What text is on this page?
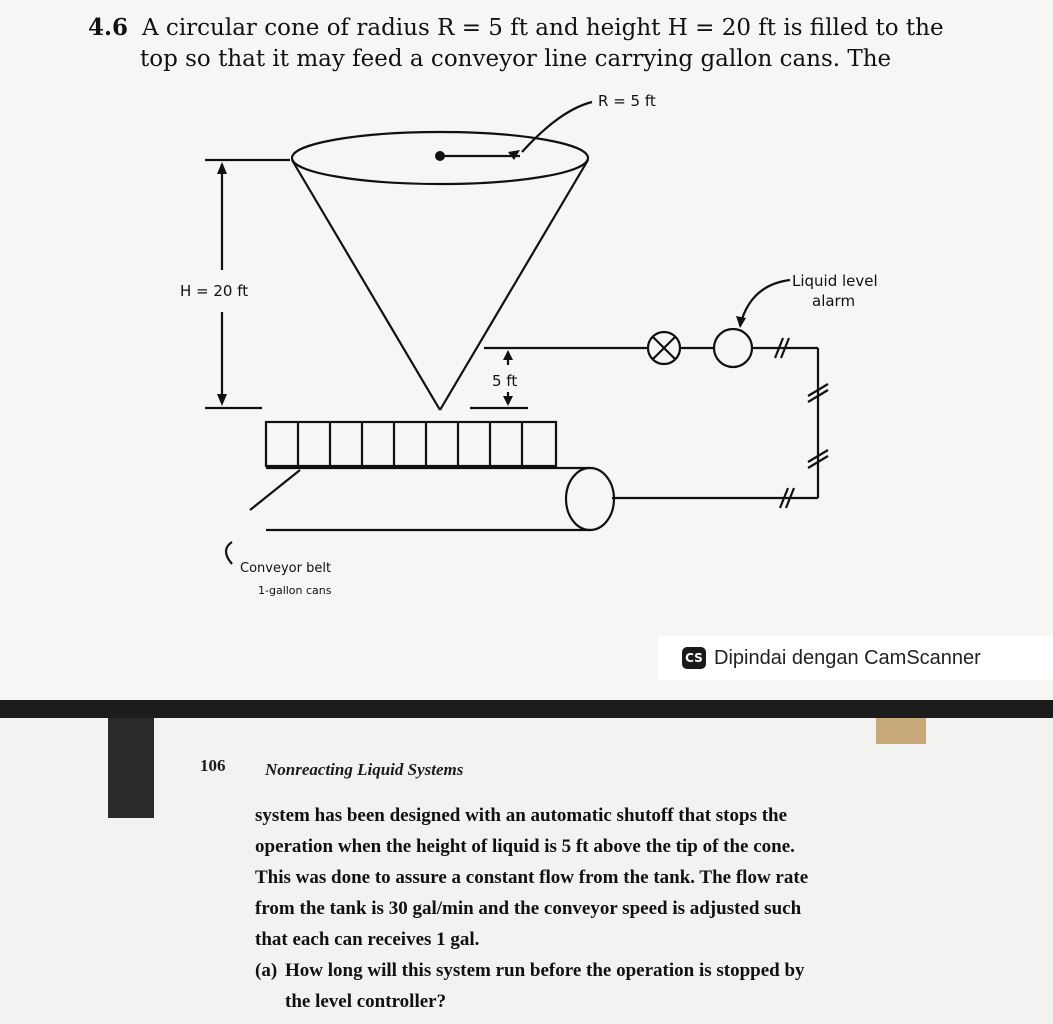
4.6 A circular cone of radius R = 5 ft and height H = 20 ft is filled to the
top so that it may feed a conveyor line carrying gallon cans. The
R = 5 ft
H = 20 ft
5 ft
Liquid level
alarm
Conveyor belt
1-gallon cans
CS Dipindai dengan CamScanner
106 Nonreacting Liquid Systems

system has been designed with an automatic shutoff that stops the

operation when the height of liquid is 5 ft above the tip of the cone.

This was done to assure a constant flow from the tank. The flow rate

from the tank is 30 gal/min and the conveyor speed is adjusted such

that each can receives 1 gal.

(a) How long will this system run before the operation is stopped by

the level controller?
